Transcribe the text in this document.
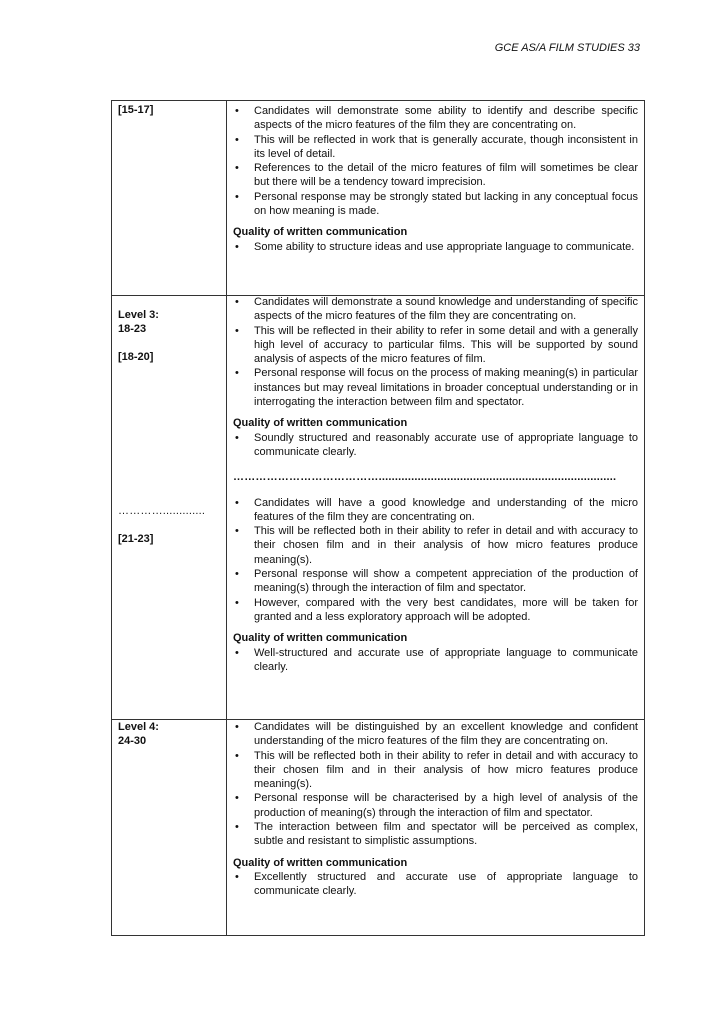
GCE AS/A FILM STUDIES 33
[15-17]
•	Candidates will demonstrate some ability to identify and describe specific aspects of the micro features of the film they are concentrating on.
• This will be reflected in work that is generally accurate, though inconsistent in its level of detail.
• References to the detail of the micro features of film will sometimes be clear but there will be a tendency toward imprecision.
• Personal response may be strongly stated but lacking in any conceptual focus on how meaning is made.
Quality of written communication
• Some ability to structure ideas and use appropriate language to communicate.
Level 3:
18-23
[18-20]
………….............
[21-23]
• Candidates will demonstrate a sound knowledge and understanding of specific aspects of the micro features of the film they are concentrating on.
• This will be reflected in their ability to refer in some detail and with a generally high level of accuracy to particular films. This will be supported by sound analysis of aspects of the micro features of film.
• Personal response will focus on the process of making meaning(s) in particular instances but may reveal limitations in broader conceptual understanding or in interrogating the interaction between film and spectator.
Quality of written communication
• Soundly structured and reasonably accurate use of appropriate language to communicate clearly.
………………………………….........................................................................
• Candidates will have a good knowledge and understanding of the micro features of the film they are concentrating on.
• This will be reflected both in their ability to refer in detail and with accuracy to their chosen film and in their analysis of how micro features produce meaning(s).
• Personal response will show a competent appreciation of the production of meaning(s) through the interaction of film and spectator.
• However, compared with the very best candidates, more will be taken for granted and a less exploratory approach will be adopted.
Quality of written communication
• Well-structured and accurate use of appropriate language to communicate clearly.
Level 4:
24-30
• Candidates will be distinguished by an excellent knowledge and confident understanding of the micro features of the film they are concentrating on.
• This will be reflected both in their ability to refer in detail and with accuracy to their chosen film and in their analysis of how micro features produce meaning(s).
• Personal response will be characterised by a high level of analysis of the production of meaning(s) through the interaction of film and spectator.
• The interaction between film and spectator will be perceived as complex, subtle and resistant to simplistic assumptions.
Quality of written communication
• Excellently structured and accurate use of appropriate language to communicate clearly.
